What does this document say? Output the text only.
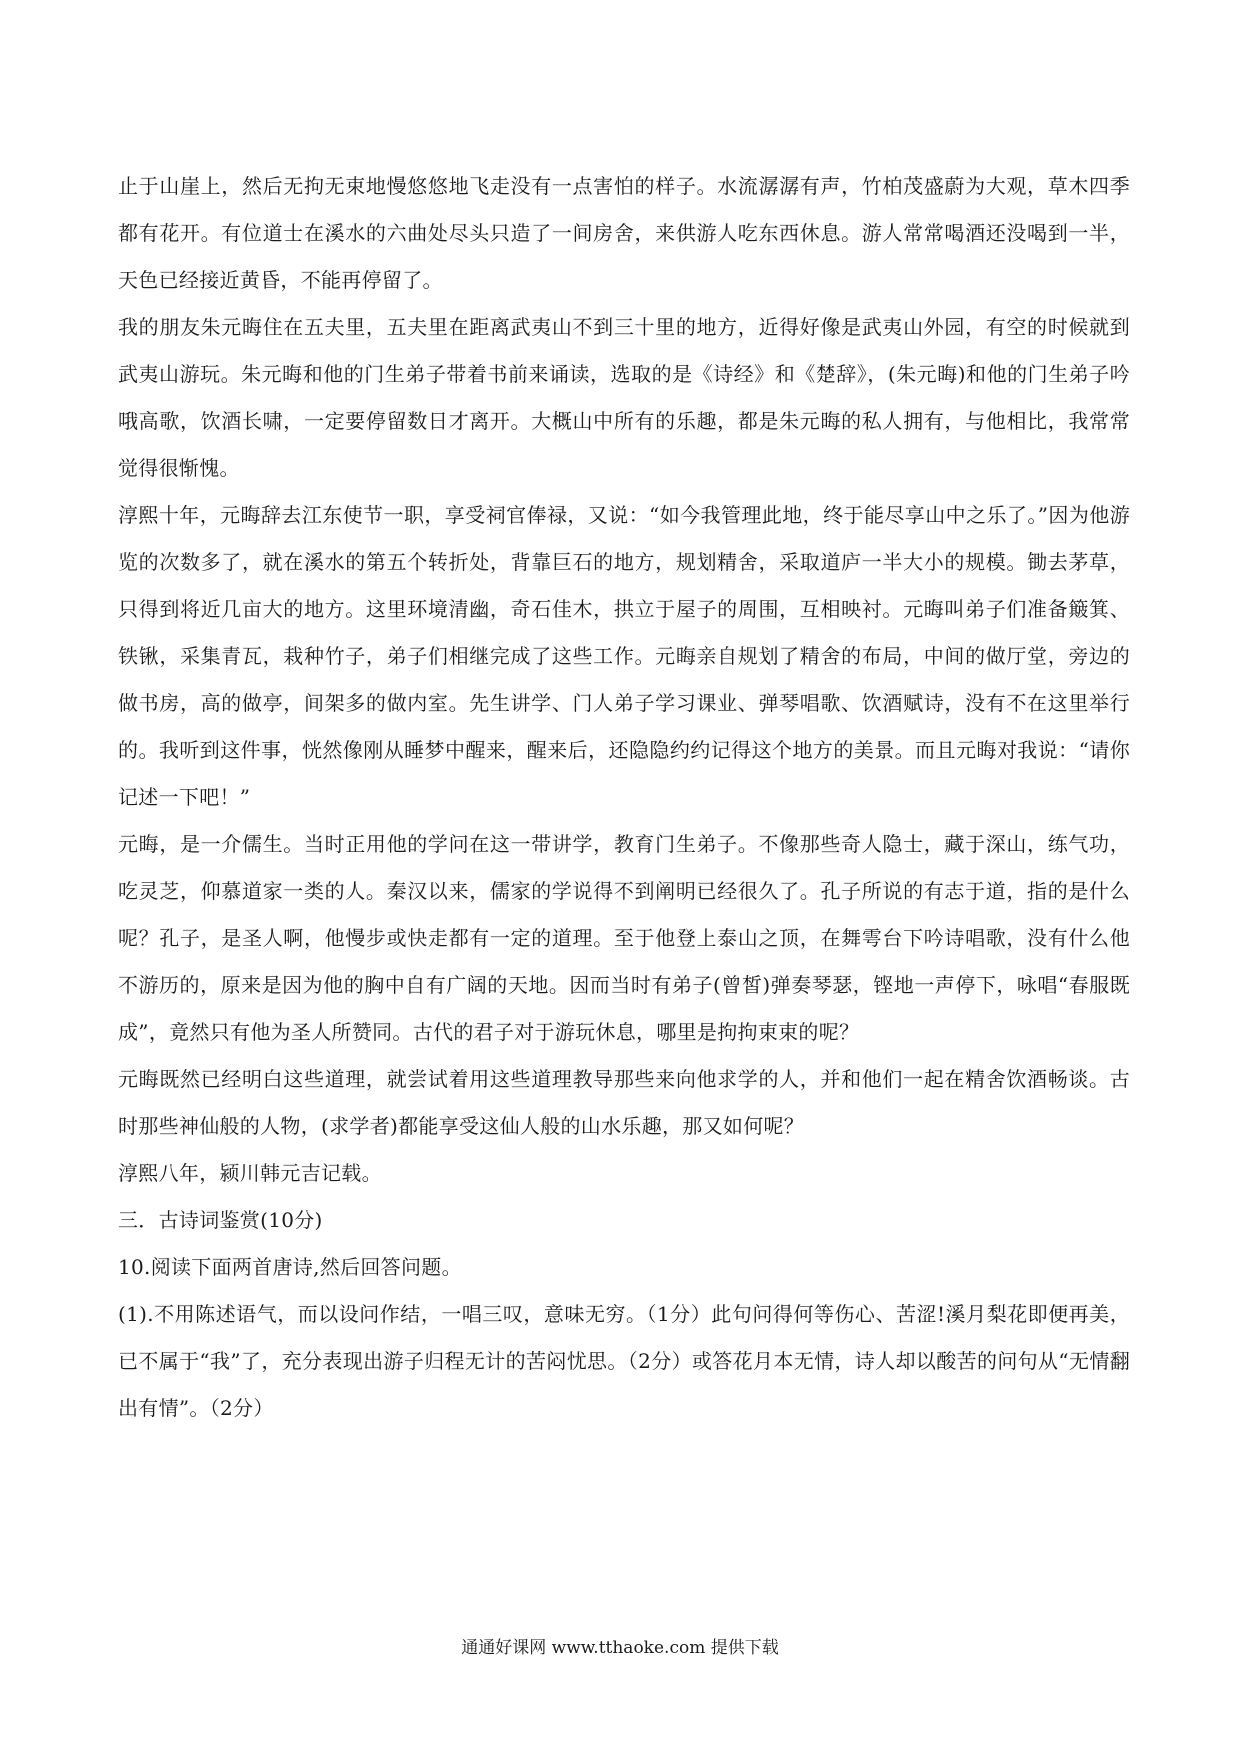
止于山崖上，然后无拘无束地慢悠悠地飞走没有一点害怕的样子。水流潺潺有声，竹柏茂盛蔚为大观，草木四季都有花开。有位道士在溪水的六曲处尽头只造了一间房舍，来供游人吃东西休息。游人常常喝酒还没喝到一半，天色已经接近黄昏，不能再停留了。

我的朋友朱元晦住在五夫里，五夫里在距离武夷山不到三十里的地方，近得好像是武夷山外园，有空的时候就到武夷山游玩。朱元晦和他的门生弟子带着书前来诵读，选取的是《诗经》和《楚辞》，(朱元晦)和他的门生弟子吟哦高歌，饮酒长啸，一定要停留数日才离开。大概山中所有的乐趣，都是朱元晦的私人拥有，与他相比，我常常觉得很惭愧。

淳熙十年，元晦辞去江东使节一职，享受祠官俸禄，又说：“如今我管理此地，终于能尽享山中之乐了。”因为他游览的次数多了，就在溪水的第五个转折处，背靠巨石的地方，规划精舍，采取道庐一半大小的规模。锄去茅草，只得到将近几亩大的地方。这里环境清幽，奇石佳木，拱立于屋子的周围，互相映衬。元晦叫弟子们准备簸箕、铁锹，采集青瓦，栽种竹子，弟子们相继完成了这些工作。元晦亲自规划了精舍的布局，中间的做厅堂，旁边的做书房，高的做亭，间架多的做内室。先生讲学、门人弟子学习课业、弹琴唱歌、饮酒赋诗，没有不在这里举行的。我听到这件事，恍然像刚从睡梦中醒来，醒来后，还隐隐约约记得这个地方的美景。而且元晦对我说：“请你记述一下吧！”

元晦，是一介儒生。当时正用他的学问在这一带讲学，教育门生弟子。不像那些奇人隐士，藏于深山，练气功，吃灵芝，仰慕道家一类的人。秦汉以来，儒家的学说得不到阐明已经很久了。孔子所说的有志于道，指的是什么呢？孔子，是圣人啊，他慢步或快走都有一定的道理。至于他登上泰山之顶，在舞雩台下吟诗唱歌，没有什么他不游历的，原来是因为他的胸中自有广阔的天地。因而当时有弟子(曾皙)弹奏琴瑟，铿地一声停下，咏唱“春服既成”，竟然只有他为圣人所赞同。古代的君子对于游玩休息，哪里是拘拘束束的呢？

元晦既然已经明白这些道理，就尝试着用这些道理教导那些来向他求学的人，并和他们一起在精舍饮酒畅谈。古时那些神仙般的人物，(求学者)都能享受这仙人般的山水乐趣，那又如何呢？

淳熙八年，颍川韩元吉记载。

三．古诗词鉴赏(10分)

10.阅读下面两首唐诗,然后回答问题。

(1).不用陈述语气，而以设问作结，一唱三叹，意味无穷。（1分）此句问得何等伤心、苦涩!溪月梨花即便再美，已不属于“我”了，充分表现出游子归程无计的苦闷忧思。（2分）或答花月本无情，诗人却以酸苦的问句从“无情翻出有情”。（2分）

通通好课网 www.tthaoke.com 提供下载
